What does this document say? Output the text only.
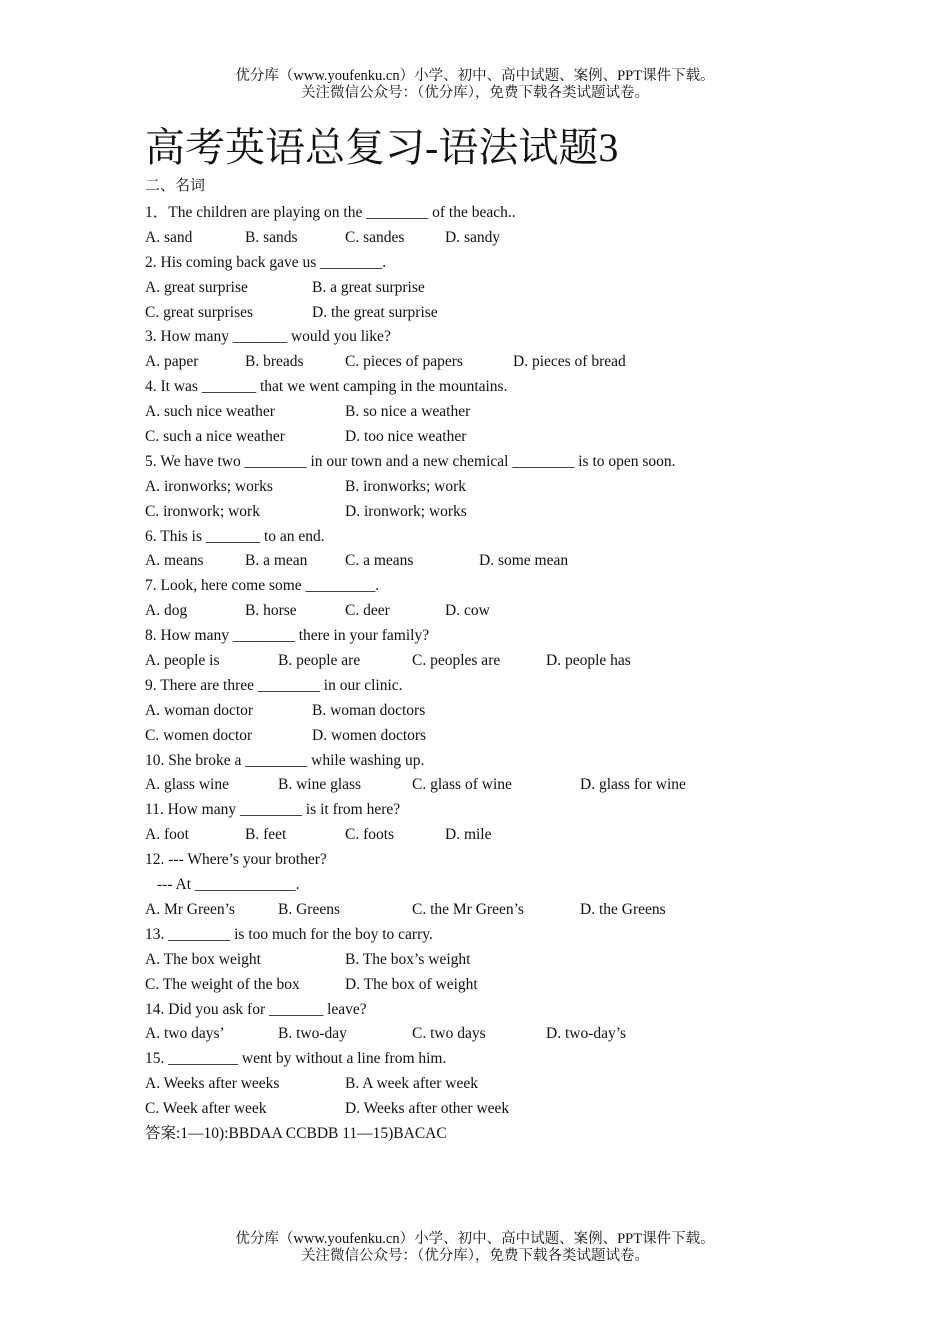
优分库（www.youfenku.cn）小学、初中、高中试题、案例、PPT课件下载。
关注微信公众号：（优分库），免费下载各类试题试卷。
高考英语总复习-语法试题3
二、名词
1．The children are playing on the ________ of the beach..
A. sand	B. sands	C. sandes	D. sandy
2. His coming back gave us ________.
A. great surprise	B. a great surprise
C. great surprises	D. the great surprise
3. How many _______ would you like?
A. paper	B. breads	C. pieces of papers	D. pieces of bread
4. It was _______ that we went camping in the mountains.
A. such nice weather	B. so nice a weather
C. such a nice weather	D. too nice weather
5. We have two ________ in our town and a new chemical ________ is to open soon.
A. ironworks; works	B. ironworks; work
C. ironwork; work	D. ironwork; works
6. This is _______ to an end.
A. means	B. a mean C. a means	D. some mean
7. Look, here come some _________.
A. dog	B. horse	C. deer	D. cow
8. How many ________ there in your family?
A. people is	B. people are	C. peoples are	D. people has
9. There are three ________ in our clinic.
A. woman doctor	B. woman doctors
C. women doctor	D. women doctors
10. She broke a ________ while washing up.
A. glass wine	B. wine glass	C. glass of wine	D. glass for wine
11. How many ________ is it from here?
A. foot	B. feet	C. foots	D. mile
12. --- Where’s your brother?
--- At _____________.
A. Mr Green’s	B. Greens	C. the Mr Green’s	D. the Greens
13. ________ is too much for the boy to carry.
A. The box weight	B. The box’s weight
C. The weight of the box	D. The box of weight
14. Did you ask for _______ leave?
A. two days’	B. two-day	C. two days	D. two-day’s
15. _________ went by without a line from him.
A. Weeks after weeks	B. A week after week
C. Week after week	D. Weeks after other week
答案:1—10):BBDAA CCBDB 11—15)BACAC
优分库（www.youfenku.cn）小学、初中、高中试题、案例、PPT课件下载。
关注微信公众号：（优分库），免费下载各类试题试卷。
